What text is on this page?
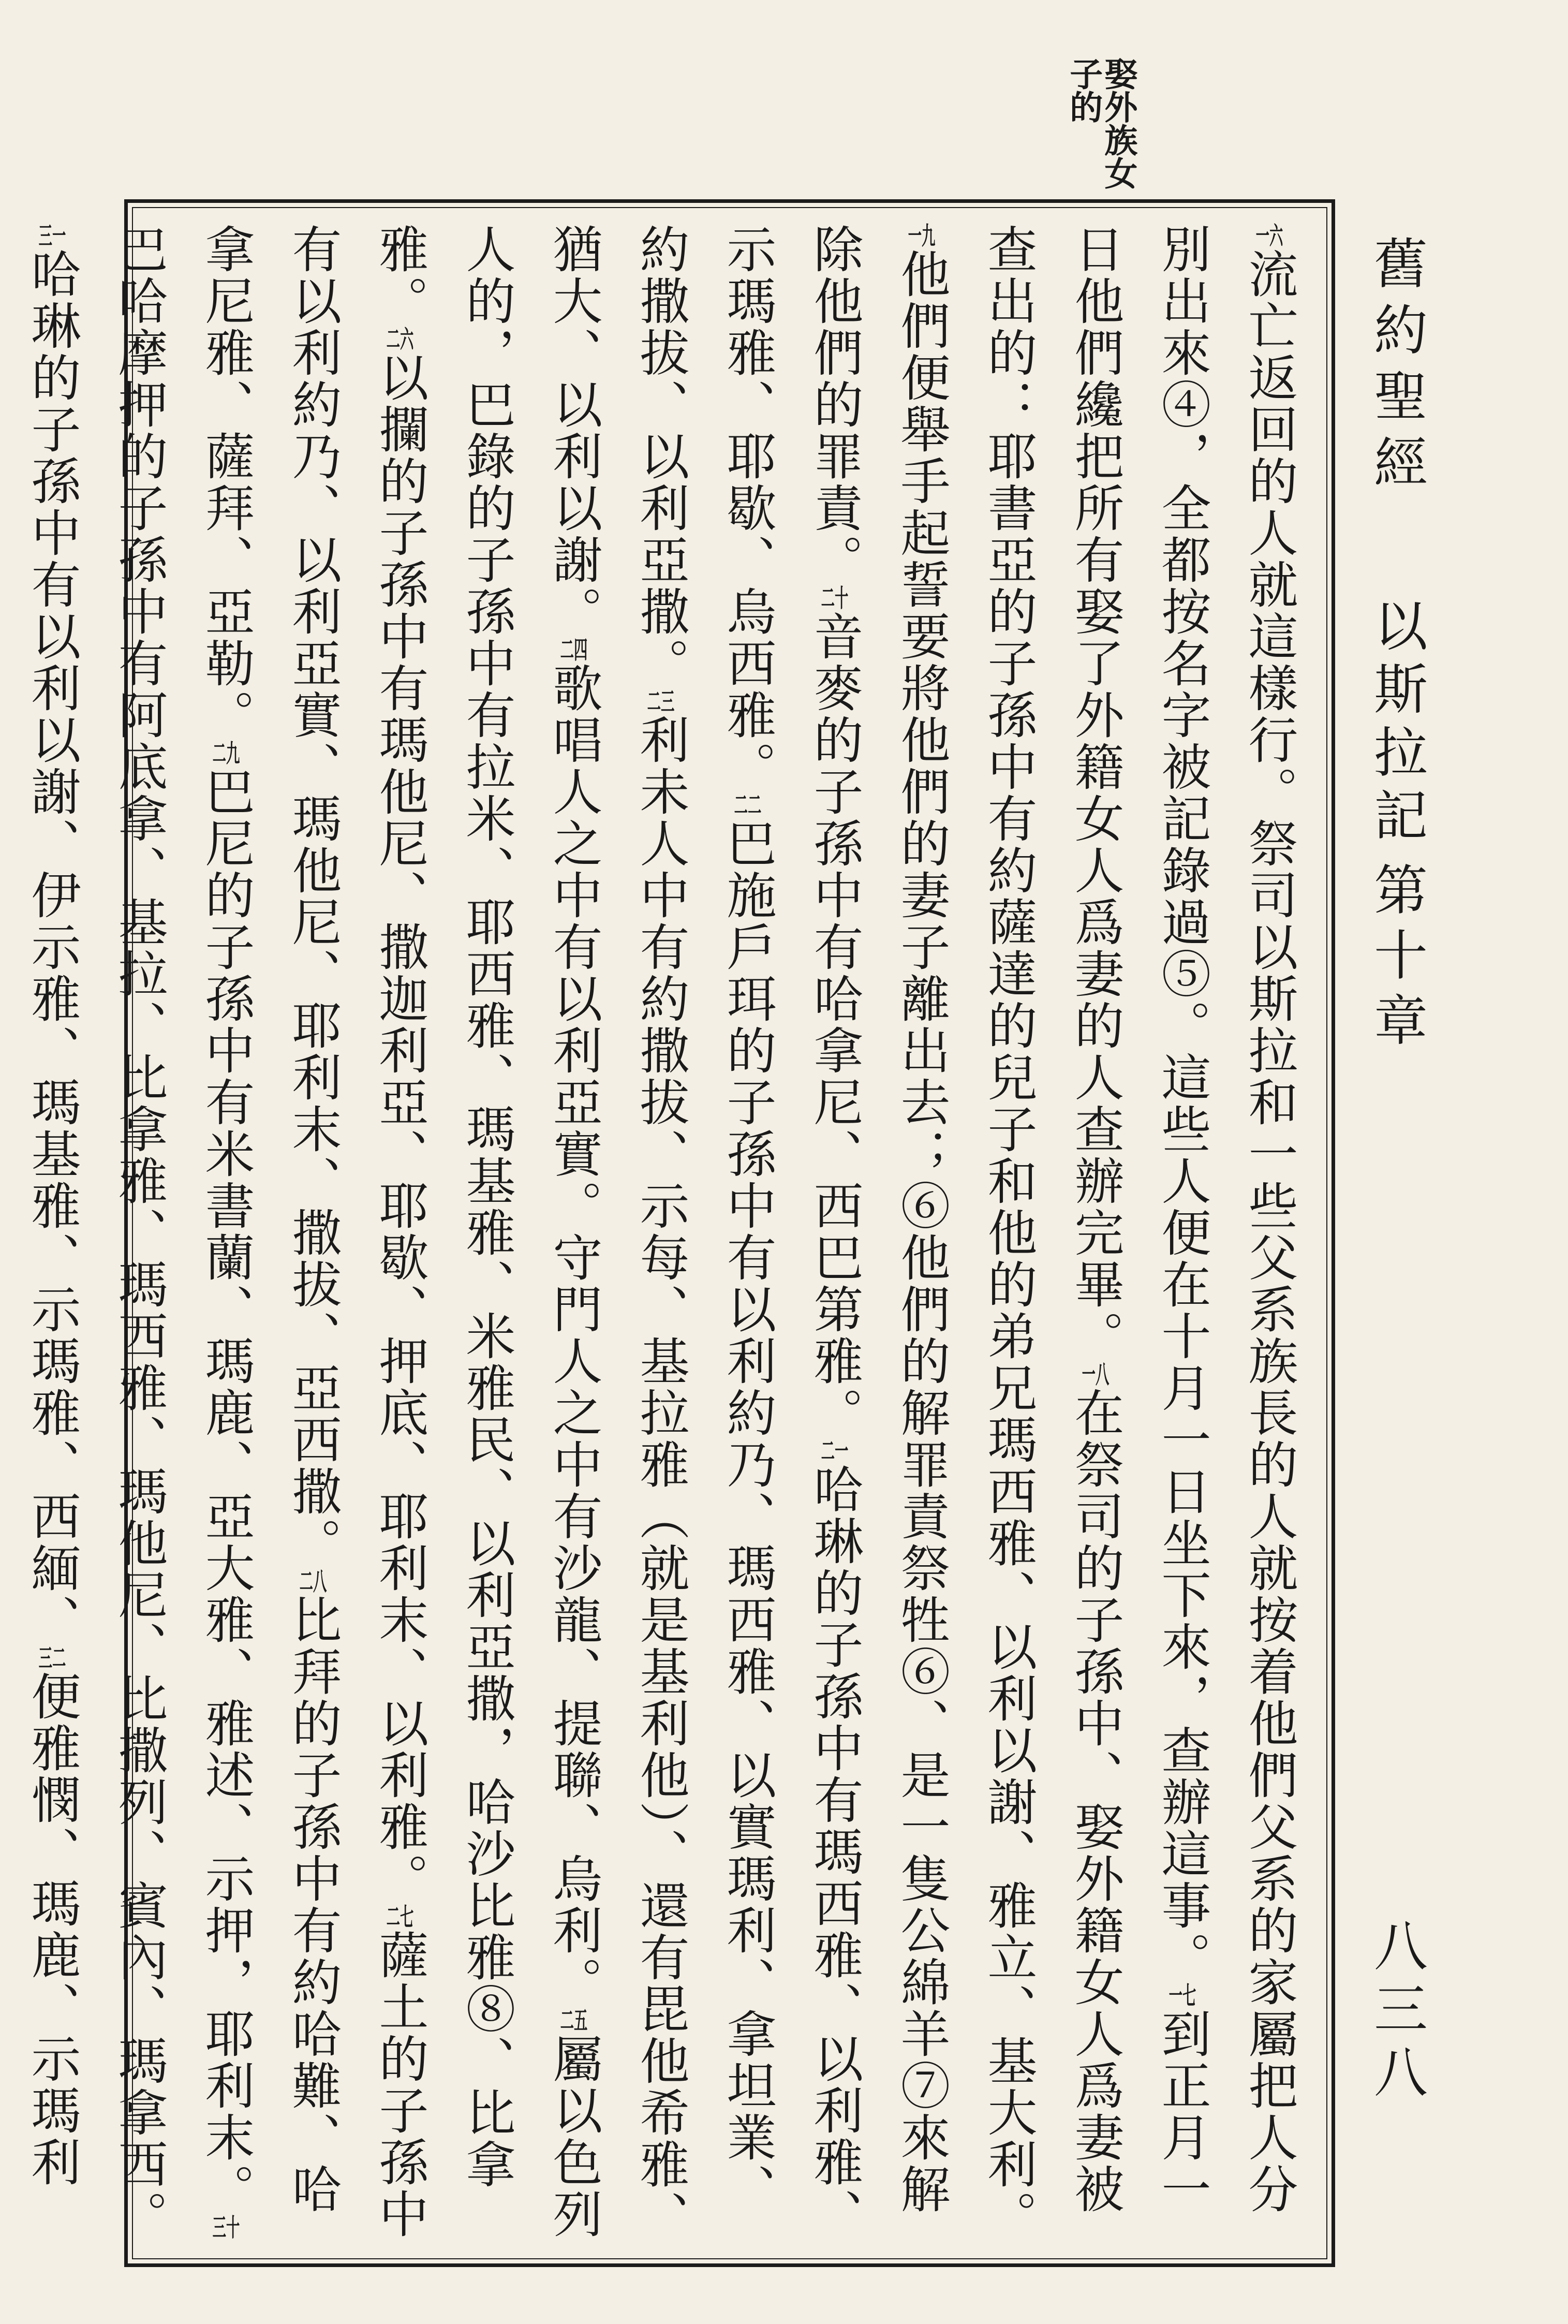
舊約聖經
以斯拉記
第十章
八三八
娶外族女子的
一六流亡返回的人就這樣行。祭司以斯拉和一些父系族長的人就按着他們父系的家屬把人分別出來④，全都按名字被記錄過⑤。這些人便在十月一日坐下來，查辦這事。一七到正月一日他們纔把所有娶了外籍女人爲妻的人查辦完畢。一八在祭司的子孫中、娶外籍女人爲妻被查出的：耶書亞的子孫中有約薩達的兒子和他的弟兄瑪西雅、以利以謝、雅立、基大利。一九他們便舉手起誓要將他們的妻子離出去；⑥他們的解罪責祭牲⑥、是一隻公綿羊⑦來解除他們的罪責。二十音麥的子孫中有哈拿尼、西巴第雅。二一哈琳的子孫中有瑪西雅、以利雅、示瑪雅、耶歇、烏西雅。二二巴施戶珥的子孫中有以利約乃、瑪西雅、以實瑪利、拿坦業、約撒拔、以利亞撒。二三利未人中有約撒拔、示每、基拉雅（就是基利他）、還有毘他希雅、猶大、以利以謝。二四歌唱人之中有以利亞實。守門人之中有沙龍、提聯、烏利。二五屬以色列人的，巴錄的子孫中有拉米、耶西雅、瑪基雅、米雅民、以利亞撒，哈沙比雅⑧、比拿雅。二六以攔的子孫中有瑪他尼、撒迦利亞、耶歇、押底、耶利末、以利雅。二七薩土的子孫中有以利約乃、以利亞實、瑪他尼、耶利末、撒拔、亞西撒。二八比拜的子孫中有約哈難、哈拿尼雅、薩拜、亞勒。二九巴尼的子孫中有米書蘭、瑪鹿、亞大雅、雅述、示押，耶利末。三十巴哈摩押的子孫中有阿底拿、基拉、比拿雅、瑪西雅、瑪他尼、比撒列、賓內、瑪拿西。三一哈琳的子孫中有以利以謝、伊示雅、瑪基雅、示瑪雅、西緬、三二便雅憫、瑪鹿、示瑪利
